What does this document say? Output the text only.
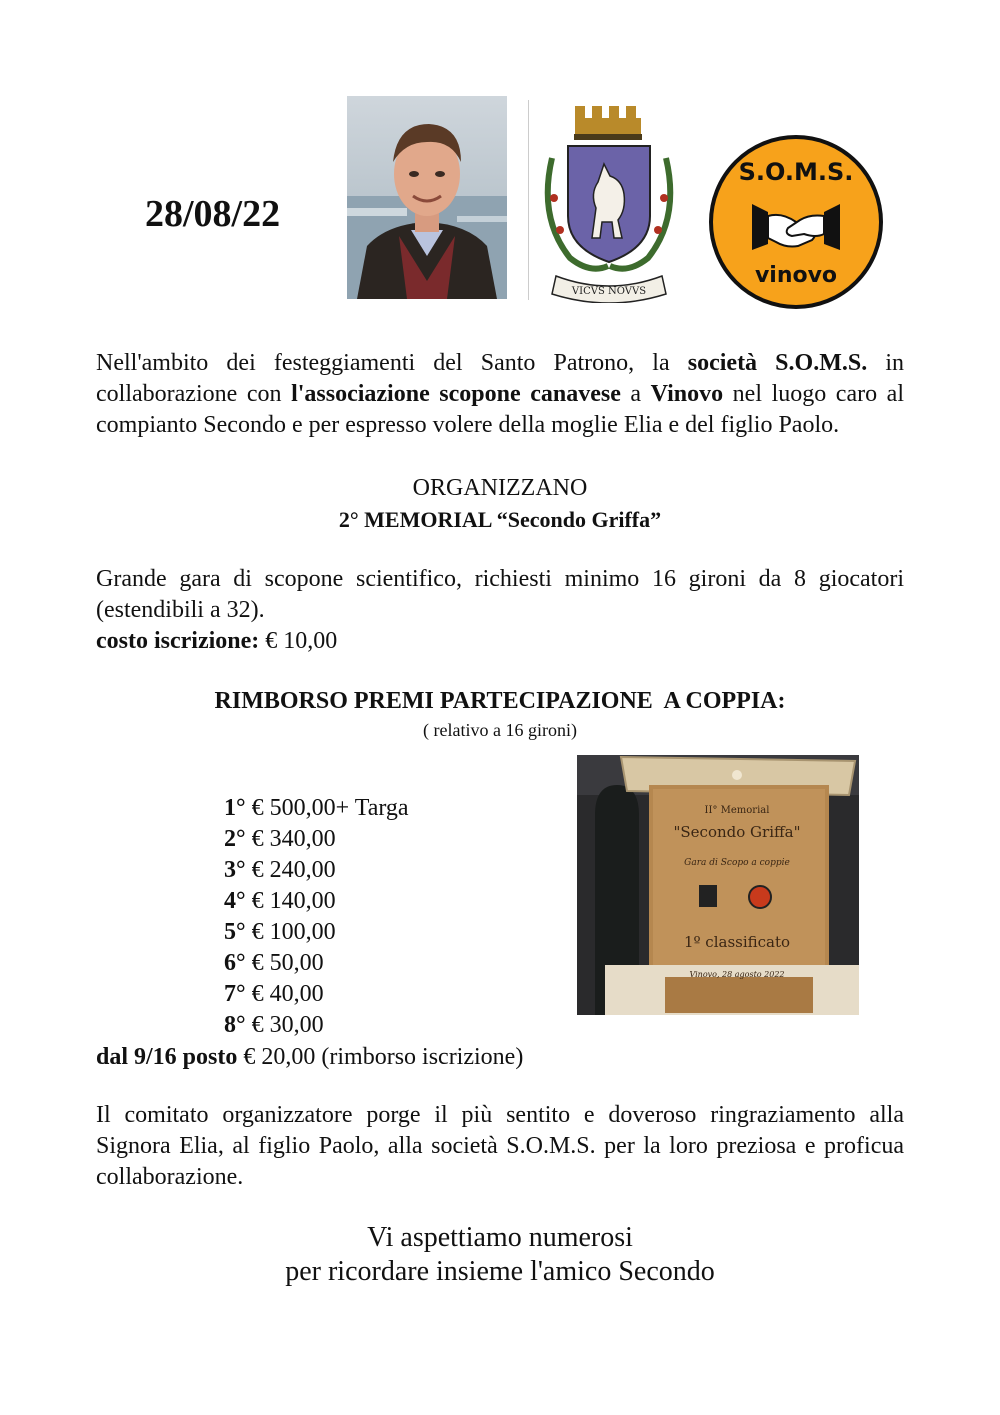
28/08/22
VICVS NOVVS
S.O.M.S.
vinovo
Nell'ambito dei festeggiamenti del Santo Patrono, la società S.O.M.S. in collaborazione con l'associazione scopone canavese a Vinovo nel luogo caro al compianto Secondo e per espresso volere della moglie Elia e del figlio Paolo.
ORGANIZZANO
2° MEMORIAL “Secondo Griffa”
Grande gara di scopone scientifico, richiesti minimo 16 gironi da 8 giocatori (estendibili a 32).
costo iscrizione: € 10,00
RIMBORSO PREMI PARTECIPAZIONE  A COPPIA:
( relativo a 16 gironi)
1° € 500,00+ Targa
2° € 340,00
3° € 240,00
4° € 140,00
5° € 100,00
6° € 50,00
7° € 40,00
8° € 30,00
dal 9/16 posto € 20,00 (rimborso iscrizione)
II° Memorial
"Secondo Griffa"
Gara di Scopo a coppie
1º classificato
Vinovo, 28 agosto 2022
Il comitato organizzatore porge il più sentito e doveroso ringraziamento alla Signora Elia, al figlio Paolo, alla società S.O.M.S. per la loro preziosa e proficua collaborazione.
Vi aspettiamo numerosi
per ricordare insieme l'amico Secondo
